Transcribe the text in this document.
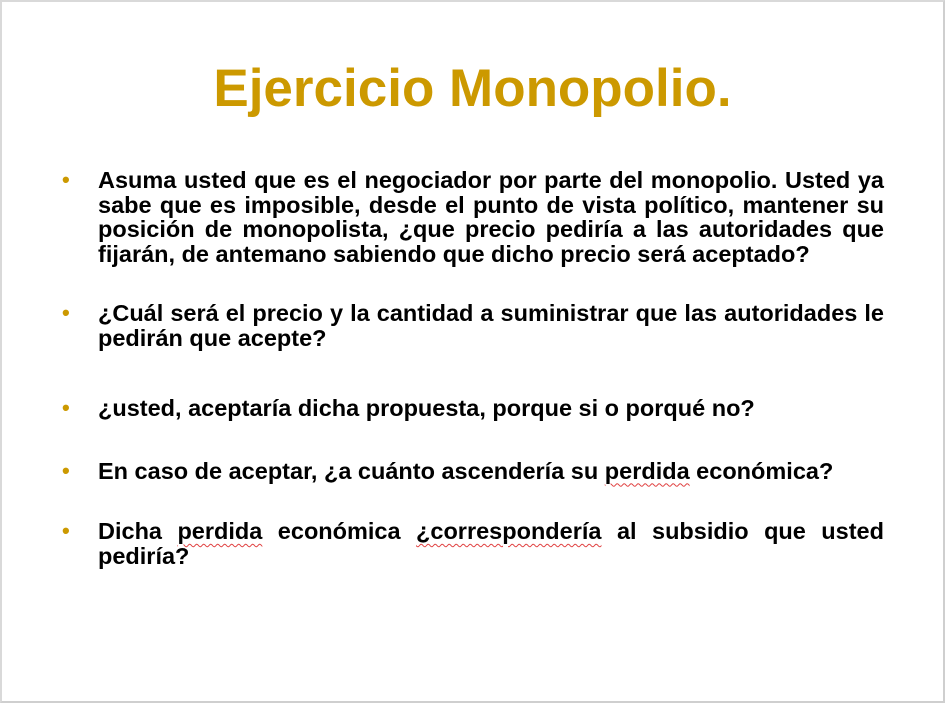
Ejercicio Monopolio.
• Asuma usted que es el negociador por parte del monopolio. Usted ya sabe que es imposible, desde el punto de vista político, mantener su posición de monopolista, ¿que precio pediría a las autoridades que fijarán, de antemano sabiendo que dicho precio será aceptado?
• ¿Cuál será el precio y la cantidad a suministrar que las autoridades le pedirán que acepte?
• ¿usted, aceptaría dicha propuesta, porque si o porqué no?
• En caso de aceptar, ¿a cuánto ascendería su perdida económica?
• Dicha perdida económica ¿correspondería al subsidio que usted pediría?
